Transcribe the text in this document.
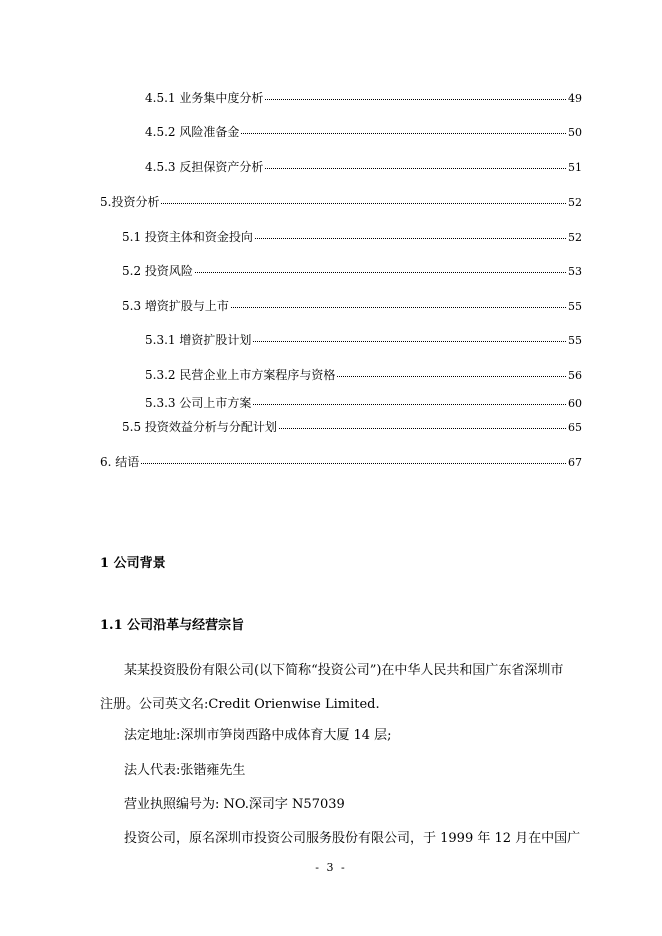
4.5.1 业务集中度分析	49
4.5.2 风险准备金	50
4.5.3 反担保资产分析	51
5.投资分析	52
5.1 投资主体和资金投向	52
5.2 投资风险	53
5.3 增资扩股与上市	55
5.3.1 增资扩股计划	55
5.3.2 民营企业上市方案程序与资格	56
5.3.3 公司上市方案	60
5.5 投资效益分析与分配计划	65
6. 结语	67
1 公司背景
1.1 公司沿革与经营宗旨
某某投资股份有限公司(以下简称“投资公司”)在中华人民共和国广东省深圳市
注册。公司英文名:Credit Orienwise Limited.
法定地址:深圳市笋岗西路中成体育大厦 14 层;
法人代表:张锴雍先生
营业执照编号为: NO.深司字 N57039
投资公司，原名深圳市投资公司服务股份有限公司，于 1999 年 12 月在中国广
- 3 -
